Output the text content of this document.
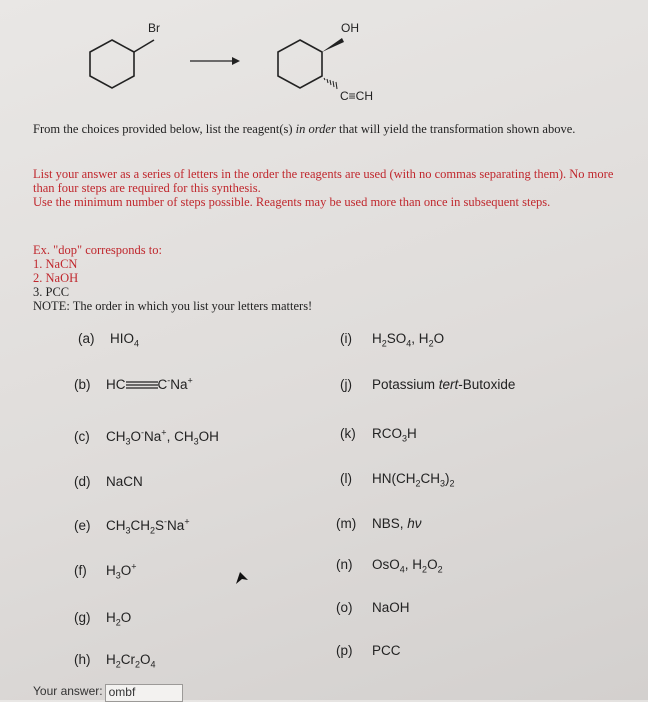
Br	OH
C≡CH
From the choices provided below, list the reagent(s) in order that will yield the transformation shown above.
List your answer as a series of letters in the order the reagents are used (with no commas separating them). No more than four steps are required for this synthesis.
Use the minimum number of steps possible. Reagents may be used more than once in subsequent steps.
Ex. "dop" corresponds to:
1. NaCN
2. NaOH
3. PCC
NOTE: The order in which you list your letters matters!
(a) $HIO_4$
(b) HC C-Na+
(c) $CH_3O^-Na^+$, $CH_3OH$
(d) NaCN
(e) $CH_3CH_2S^-Na^+$
(f) $H_3O^+$
(g) $H_2O$
(h) $H_2Cr_2O_4$
(i) $H_2SO_4$, $H_2O$
(j) Potassium tert-Butoxide
(k) $RCO_3H$
(l) $HN(CH_2CH_3)_2$
(m) NBS, hν
(n) OsO$_4$, $H_2O_2$
(o) NaOH
(p) PCC
Your answer: ombf
